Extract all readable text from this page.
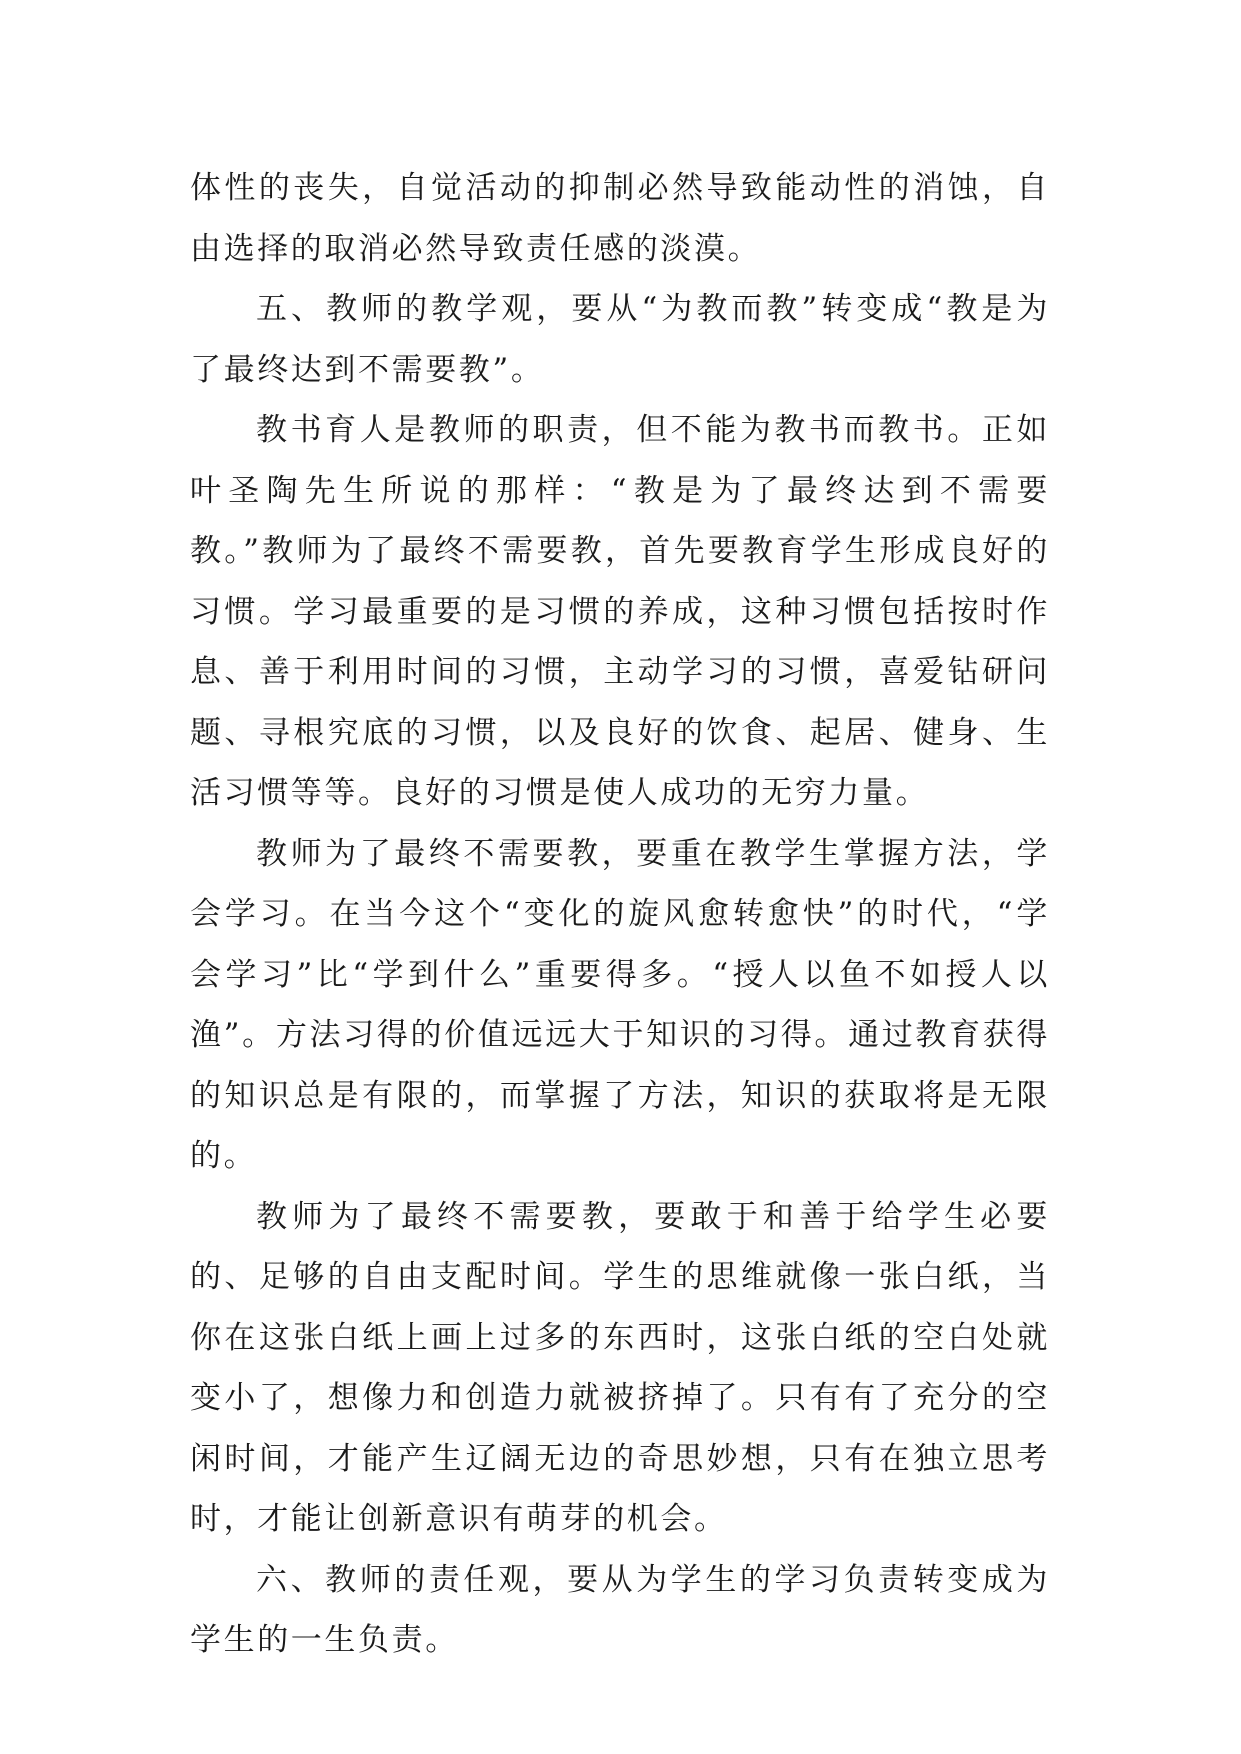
体性的丧失，自觉活动的抑制必然导致能动性的消蚀，自由选择的取消必然导致责任感的淡漠。

五、教师的教学观，要从“为教而教”转变成“教是为了最终达到不需要教”。

教书育人是教师的职责，但不能为教书而教书。正如叶圣陶先生所说的那样：“教是为了最终达到不需要教。”教师为了最终不需要教，首先要教育学生形成良好的习惯。学习最重要的是习惯的养成，这种习惯包括按时作息、善于利用时间的习惯，主动学习的习惯，喜爱钻研问题、寻根究底的习惯，以及良好的饮食、起居、健身、生活习惯等等。良好的习惯是使人成功的无穷力量。

教师为了最终不需要教，要重在教学生掌握方法，学会学习。在当今这个“变化的旋风愈转愈快”的时代，“学会学习”比“学到什么”重要得多。“授人以鱼不如授人以渔”。方法习得的价值远远大于知识的习得。通过教育获得的知识总是有限的，而掌握了方法，知识的获取将是无限的。

教师为了最终不需要教，要敢于和善于给学生必要的、足够的自由支配时间。学生的思维就像一张白纸，当你在这张白纸上画上过多的东西时，这张白纸的空白处就变小了，想像力和创造力就被挤掉了。只有有了充分的空闲时间，才能产生辽阔无边的奇思妙想，只有在独立思考时，才能让创新意识有萌芽的机会。

六、教师的责任观，要从为学生的学习负责转变成为学生的一生负责。
